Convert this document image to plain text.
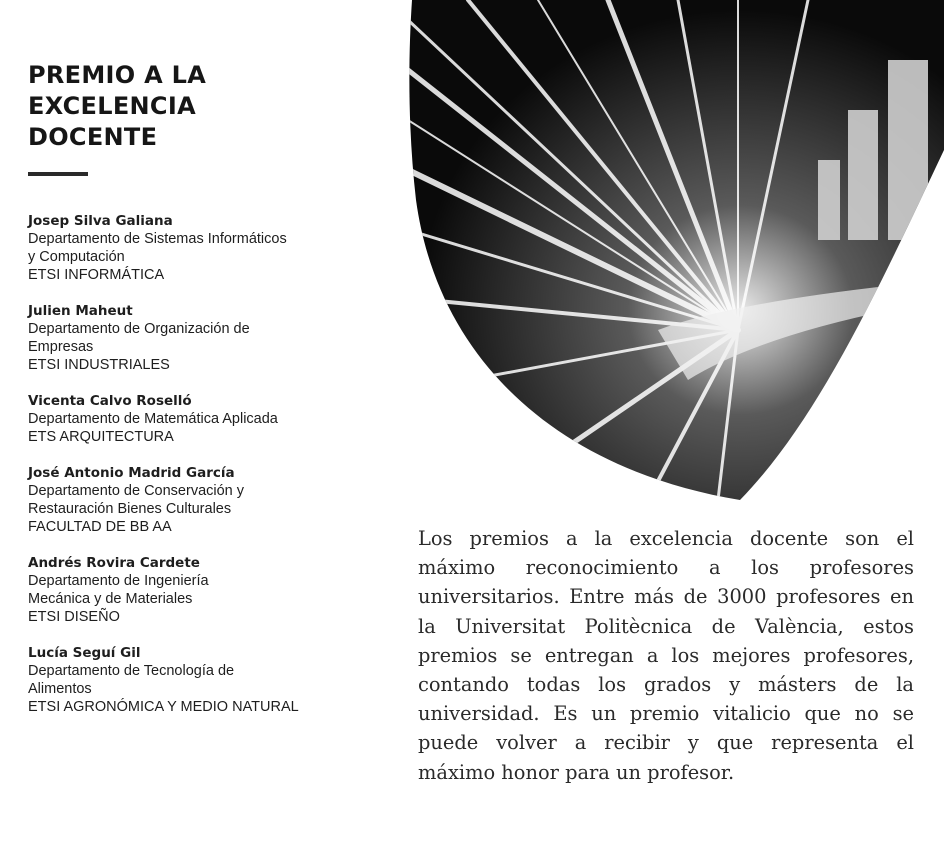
PREMIO A LA
EXCELENCIA
DOCENTE
Josep Silva Galiana
Departamento de Sistemas Informáticos
y Computación
ETSI INFORMÁTICA
Julien Maheut
Departamento de Organización de
Empresas
ETSI INDUSTRIALES
Vicenta Calvo Roselló
Departamento de Matemática Aplicada
ETS ARQUITECTURA
José Antonio Madrid García
Departamento de Conservación y
Restauración Bienes Culturales
FACULTAD DE BB AA
Andrés Rovira Cardete
Departamento de Ingeniería
Mecánica y de Materiales
ETSI DISEÑO
Lucía Seguí Gil
Departamento de Tecnología de
Alimentos
ETSI AGRONÓMICA Y MEDIO NATURAL

Los premios a la excelencia docente son el máximo reconocimiento a los profesores universitarios. Entre más de 3000 profesores en la Universitat Politècnica de València, estos premios se entregan a los mejores profesores, contando todas los grados y másters de la universidad. Es un premio vitalicio que no se puede volver a recibir y que representa el máximo honor para un profesor.
